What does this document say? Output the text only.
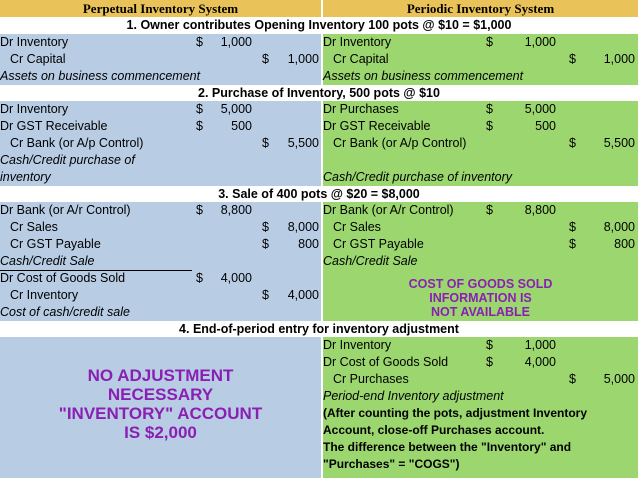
Perpetual Inventory System	Periodic Inventory System
1. Owner contributes Opening Inventory 100 pots @ $10 = $1,000
Dr Inventory	$	1,000
Cr Capital	$	1,000
Assets on business commencement
Dr Inventory	$	1,000
Cr Capital	$	1,000
Assets on business commencement
2. Purchase of Inventory, 500 pots @ $10
Dr Inventory	$	5,000
Dr GST Receivable	$	500
Cr Bank (or A/p Control)	$	5,500
Cash/Credit purchase of
inventory
Dr Purchases	$	5,000
Dr GST Receivable	$	500
Cr Bank (or A/p Control)	$	5,500
Cash/Credit purchase of inventory
3. Sale of 400 pots @ $20 = $8,000
Dr Bank (or A/r Control)	$	8,800
Cr Sales	$	8,000
Cr GST Payable	$	800
Cash/Credit Sale
Dr Cost of Goods Sold	$	4,000
Cr Inventory	$	4,000
Cost of cash/credit sale
Dr Bank (or A/r Control)	$	8,800
Cr Sales	$	8,000
Cr GST Payable	$	800
Cash/Credit Sale
COST OF GOODS SOLD
INFORMATION IS
NOT AVAILABLE
4. End-of-period entry for inventory adjustment
NO ADJUSTMENT
NECESSARY
"INVENTORY" ACCOUNT
IS $2,000
Dr Inventory	$	1,000
Dr Cost of Goods Sold	$	4,000
Cr Purchases	$	5,000
Period-end Inventory adjustment
(After counting the pots, adjustment Inventory
Account, close-off Purchases account.
The difference between the "Inventory" and
"Purchases" = "COGS")
